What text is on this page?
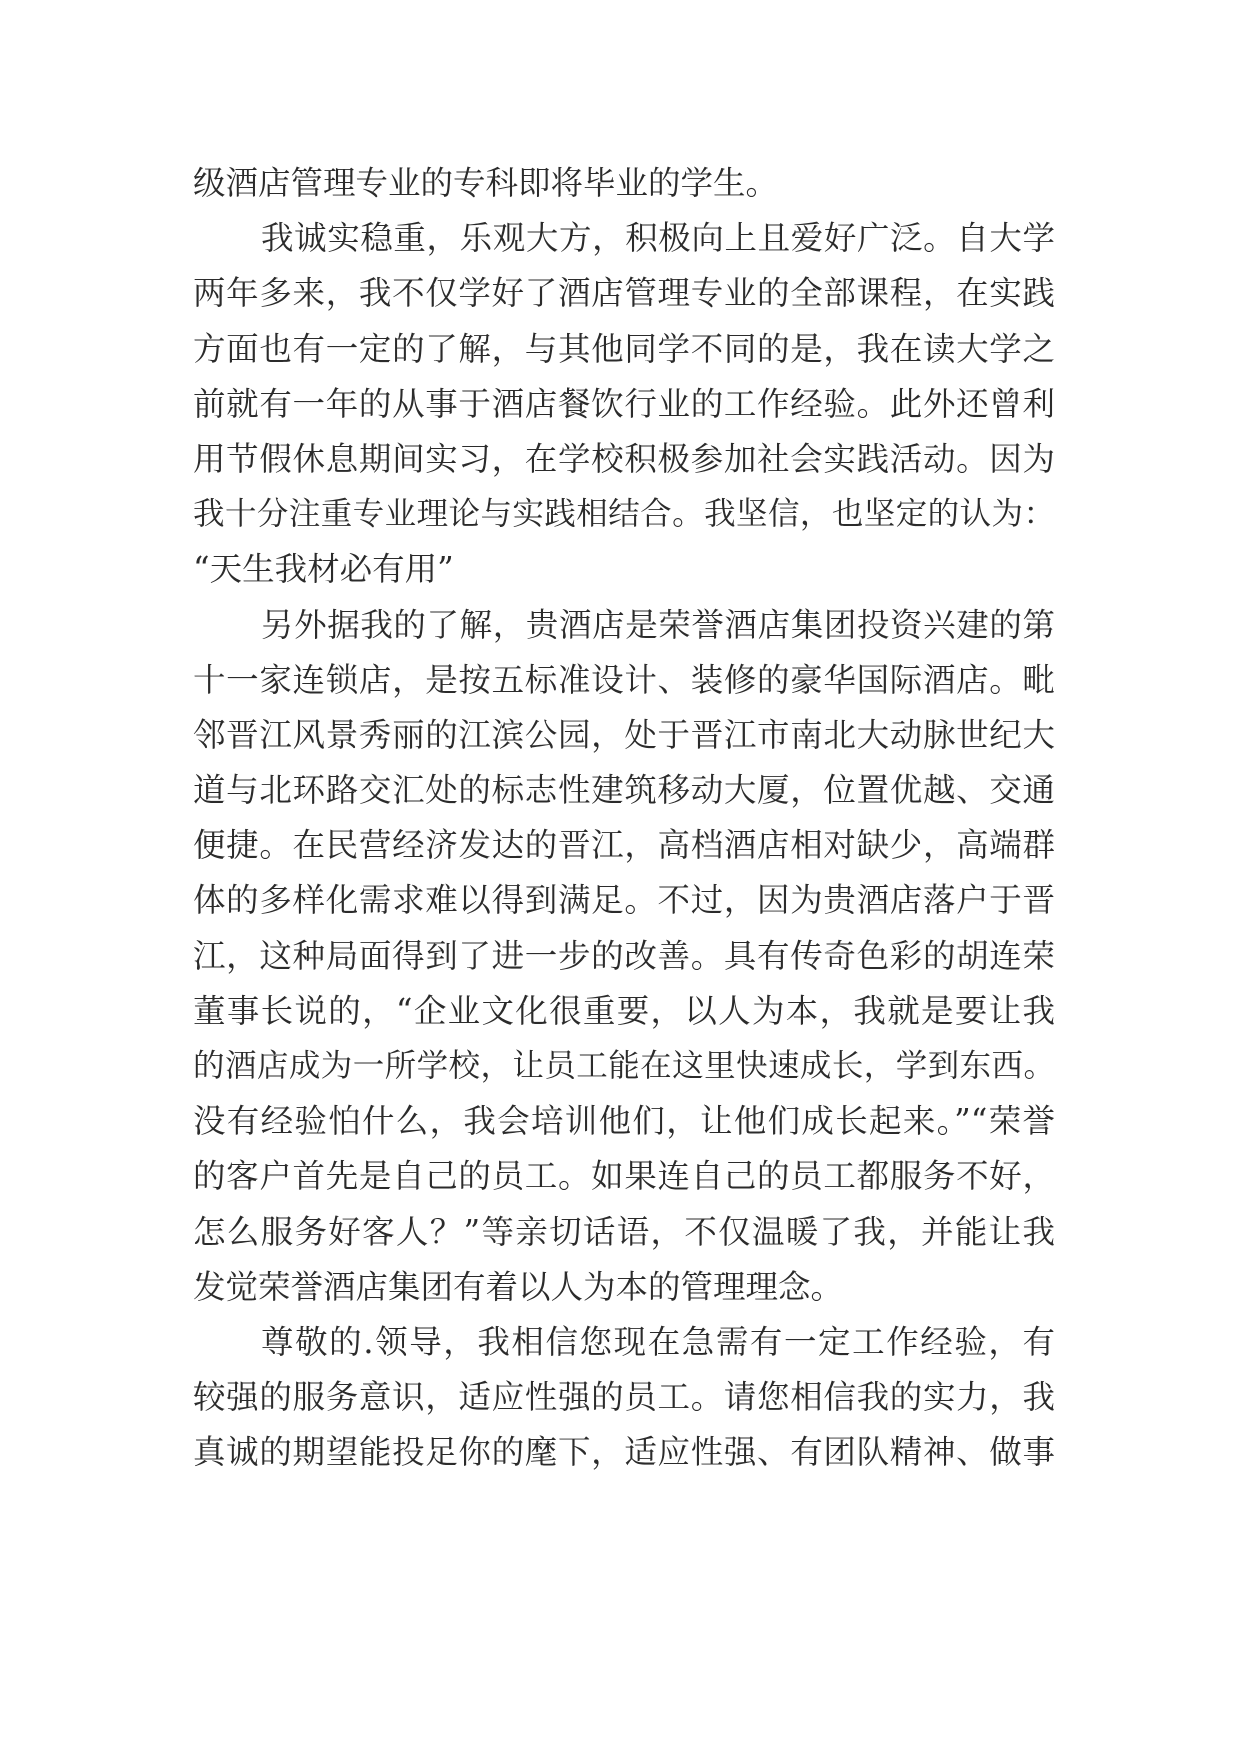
级酒店管理专业的专科即将毕业的学生。
我诚实稳重，乐观大方，积极向上且爱好广泛。自大学
两年多来，我不仅学好了酒店管理专业的全部课程，在实践
方面也有一定的了解，与其他同学不同的是，我在读大学之
前就有一年的从事于酒店餐饮行业的工作经验。此外还曾利
用节假休息期间实习，在学校积极参加社会实践活动。因为
我十分注重专业理论与实践相结合。我坚信，也坚定的认为：
“天生我材必有用”
另外据我的了解，贵酒店是荣誉酒店集团投资兴建的第
十一家连锁店，是按五标准设计、装修的豪华国际酒店。毗
邻晋江风景秀丽的江滨公园，处于晋江市南北大动脉世纪大
道与北环路交汇处的标志性建筑移动大厦，位置优越、交通
便捷。在民营经济发达的晋江，高档酒店相对缺少，高端群
体的多样化需求难以得到满足。不过，因为贵酒店落户于晋
江，这种局面得到了进一步的改善。具有传奇色彩的胡连荣
董事长说的，“企业文化很重要，以人为本，我就是要让我
的酒店成为一所学校，让员工能在这里快速成长，学到东西。
没有经验怕什么，我会培训他们，让他们成长起来。”“荣誉
的客户首先是自己的员工。如果连自己的员工都服务不好，
怎么服务好客人？”等亲切话语，不仅温暖了我，并能让我
发觉荣誉酒店集团有着以人为本的管理理念。
尊敬的.领导，我相信您现在急需有一定工作经验，有
较强的服务意识，适应性强的员工。请您相信我的实力，我
真诚的期望能投足你的麾下，适应性强、有团队精神、做事
